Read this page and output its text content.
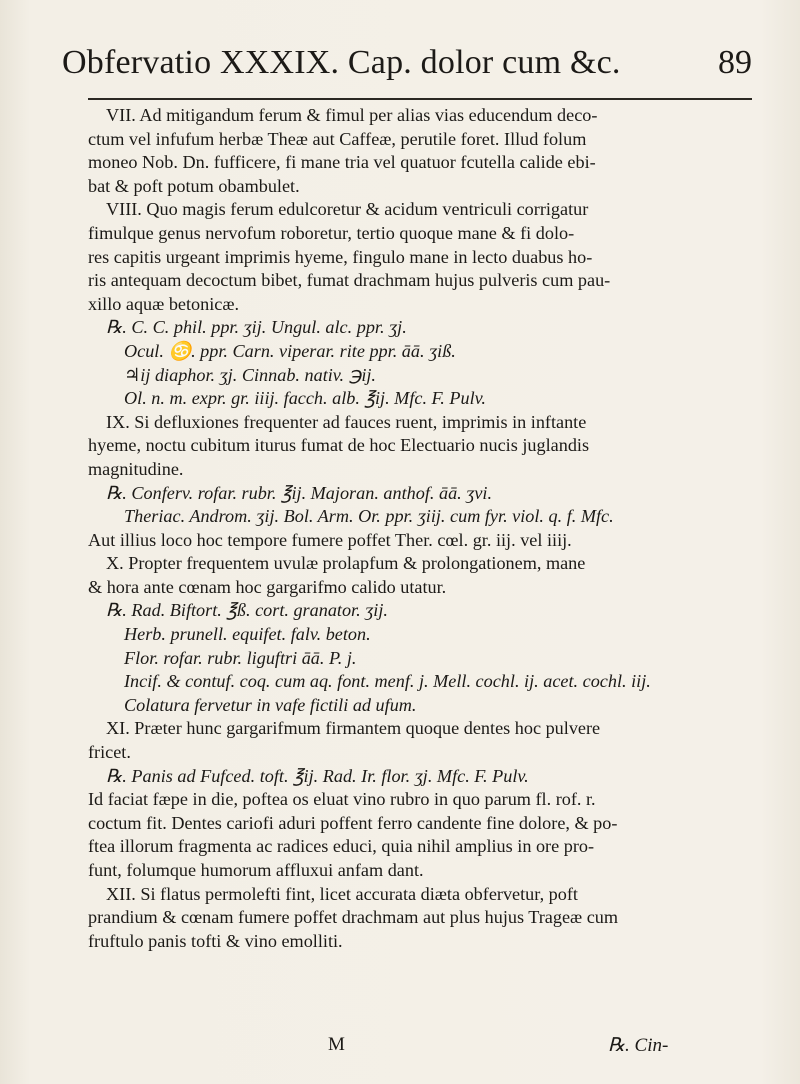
Obfervatio XXXIX. Cap. dolor cum &c.	89
VII. Ad mitigandum ferum & fimul per alias vias educendum deco-
ctum vel infufum herbæ Theæ aut Caffeæ, perutile foret. Illud folum
moneo Nob. Dn. fufficere, fi mane tria vel quatuor fcutella calide ebi-
bat & poft potum obambulet.
VIII. Quo magis ferum edulcoretur & acidum ventriculi corrigatur
fimulque genus nervofum roboretur, tertio quoque mane & fi dolo-
res capitis urgeant imprimis hyeme, fingulo mane in lecto duabus ho-
ris antequam decoctum bibet, fumat drachmam hujus pulveris cum pau-
xillo aquæ betonicæ.
℞. C. C. phil. ppr. ʒij. Ungul. alc. ppr. ʒj.
Ocul. ♋. ppr. Carn. viperar. rite ppr. āā. ʒiß.
♃ij diaphor. ʒj. Cinnab. nativ. ℈ij.
Ol. n. m. expr. gr. iiij. facch. alb. ℥ij. Mfc. F. Pulv.
IX. Si defluxiones frequenter ad fauces ruent, imprimis in inftante
hyeme, noctu cubitum iturus fumat de hoc Electuario nucis juglandis
magnitudine.
℞. Conferv. rofar. rubr. ℥ij. Majoran. anthof. āā. ʒvi.
Theriac. Androm. ʒij. Bol. Arm. Or. ppr. ʒiij. cum fyr. viol. q. f. Mfc.
Aut illius loco hoc tempore fumere poffet Ther. cœl. gr. iij. vel iiij.
X. Propter frequentem uvulæ prolapfum & prolongationem, mane
& hora ante cœnam hoc gargarifmo calido utatur.
℞. Rad. Biftort. ℥ß. cort. granator. ʒij.
Herb. prunell. equifet. falv. beton.
Flor. rofar. rubr. liguftri āā. P. j.
Incif. & contuf. coq. cum aq. font. menf. j. Mell. cochl. ij. acet. cochl. iij.
Colatura fervetur in vafe fictili ad ufum.
XI. Præter hunc gargarifmum firmantem quoque dentes hoc pulvere
fricet.
℞. Panis ad Fufced. toft. ℥ij. Rad. Ir. flor. ʒj. Mfc. F. Pulv.
Id faciat fæpe in die, poftea os eluat vino rubro in quo parum fl. rof. r.
coctum fit. Dentes cariofi aduri poffent ferro candente fine dolore, & po-
ftea illorum fragmenta ac radices educi, quia nihil amplius in ore pro-
funt, folumque humorum affluxui anfam dant.
XII. Si flatus permolefti fint, licet accurata diæta obfervetur, poft
prandium & cœnam fumere poffet drachmam aut plus hujus Trageæ cum
fruftulo panis tofti & vino emolliti.
M	℞. Cin-
